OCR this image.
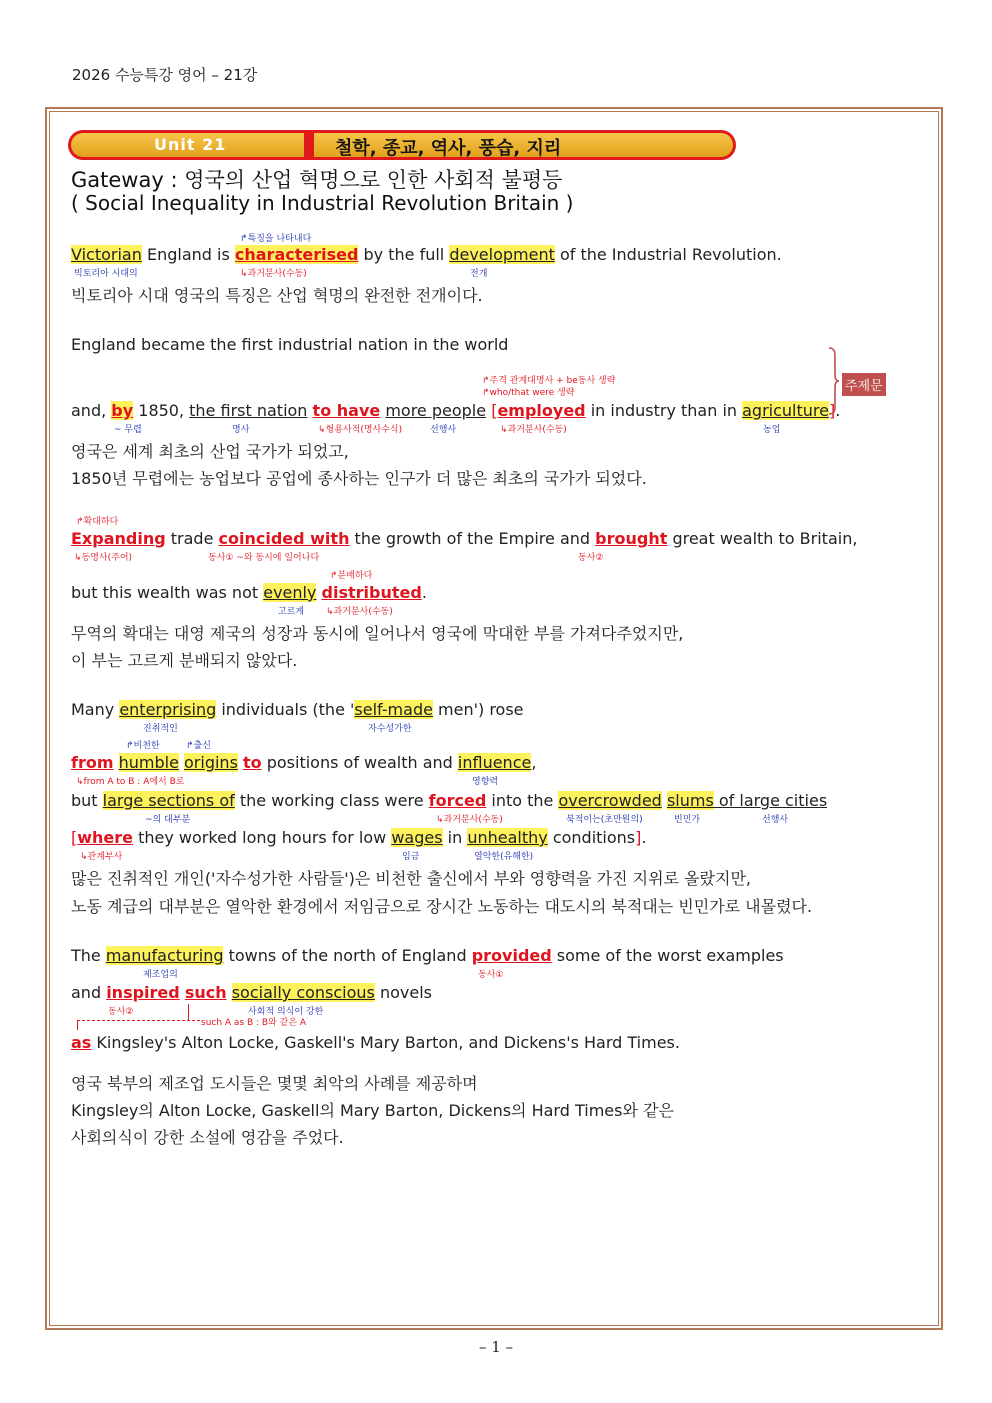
2026 수능특강 영어 – 21강
Unit 21	철학, 종교, 역사, 풍습, 지리
Gateway : 영국의 산업 혁명으로 인한 사회적 불평등
( Social Inequality in Industrial Revolution Britain )
↱특징을 나타내다
Victorian England is characterised by the full development of the Industrial Revolution.
빅토리아 시대의	↳과거분사(수동)	전개
빅토리아 시대 영국의 특징은 산업 혁명의 완전한 전개이다.
England became the first industrial nation in the world
↱주격 관계대명사 + be동사 생략
↱who/that were 생략
and, by 1850, the first nation to have more people [employed in industry than in agriculture].
~ 무렵	명사	↳형용사적(명사수식)	선행사	↳과거분사(수동)	농업
주제문
영국은 세계 최초의 산업 국가가 되었고,
1850년 무렵에는 농업보다 공업에 종사하는 인구가 더 많은 최초의 국가가 되었다.
↱확대하다
Expanding trade coincided with the growth of the Empire and brought great wealth to Britain,
↳동명사(주어)	동사① ~와 동시에 일어나다	동사②
↱분배하다
but this wealth was not evenly distributed.
고르게 ↳과거분사(수동)
무역의 확대는 대영 제국의 성장과 동시에 일어나서 영국에 막대한 부를 가져다주었지만,
이 부는 고르게 분배되지 않았다.
Many enterprising individuals (the 'self-made men') rose
진취적인	자수성가한
↱비천한	↱출신
from humble origins to positions of wealth and influence,
↳from A to B : A에서 B로	영향력
but large sections of the working class were forced into the overcrowded slums of large cities
~의 대부분	↳과거분사(수동)	북적이는(초만원의)	빈민가	선행사
[where they worked long hours for low wages in unhealthy conditions].
↳관계부사	임금	열악한(유해한)
많은 진취적인 개인('자수성가한 사람들')은 비천한 출신에서 부와 영향력을 가진 지위로 올랐지만,
노동 계급의 대부분은 열악한 환경에서 저임금으로 장시간 노동하는 대도시의 북적대는 빈민가로 내몰렸다.
The manufacturing towns of the north of England provided some of the worst examples
제조업의	동사①
and inspired such socially conscious novels
동사②	사회적 의식이 강한
such A as B : B와 같은 A
as Kingsley's Alton Locke, Gaskell's Mary Barton, and Dickens's Hard Times.
영국 북부의 제조업 도시들은 몇몇 최악의 사례를 제공하며
Kingsley의 Alton Locke, Gaskell의 Mary Barton, Dickens의 Hard Times와 같은
사회의식이 강한 소설에 영감을 주었다.
– 1 –
